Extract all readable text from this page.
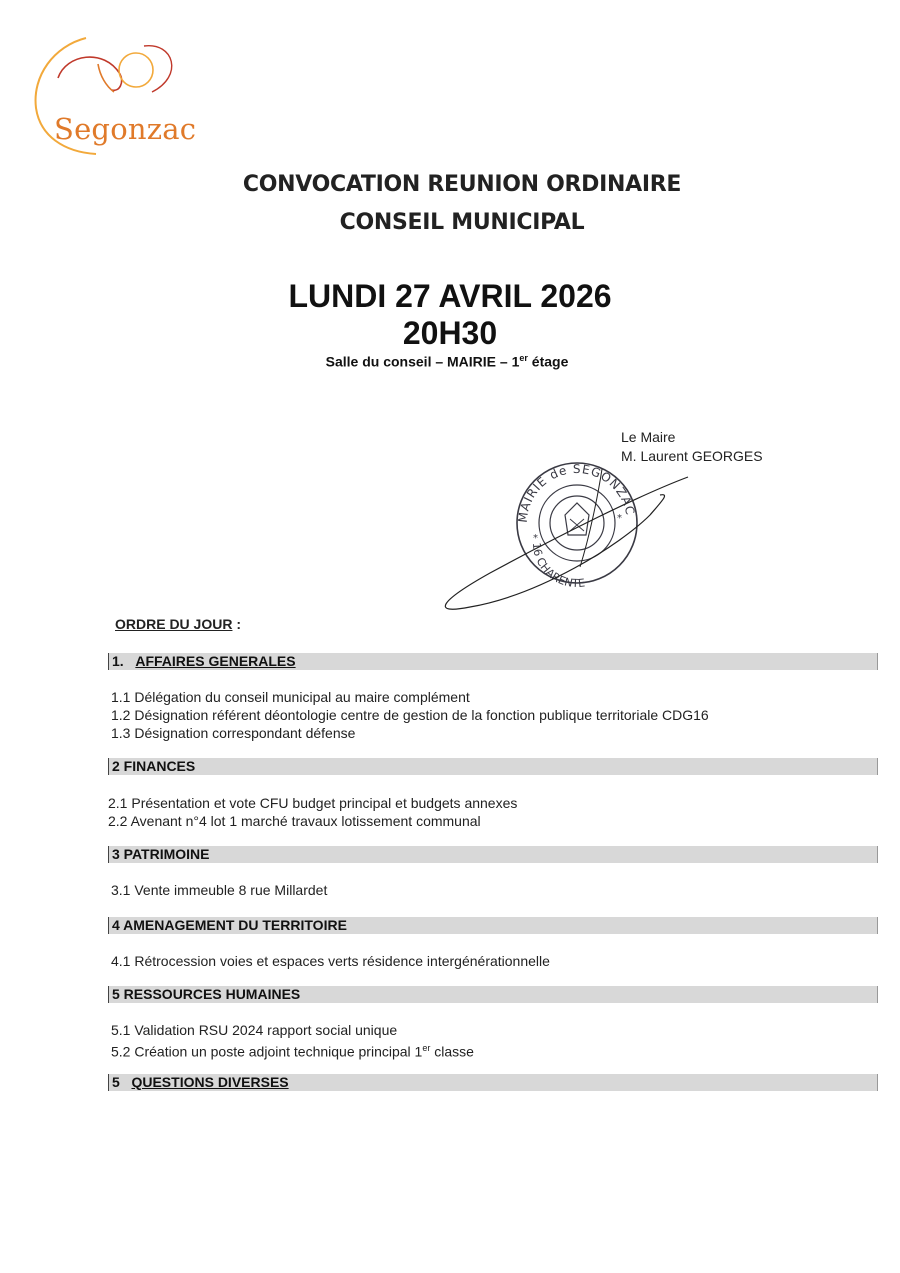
Segonzac
CONVOCATION REUNION ORDINAIRE
CONSEIL MUNICIPAL
LUNDI 27 AVRIL 2026
20H30
Salle du conseil – MAIRIE – 1er étage
Le Maire
M. Laurent GEORGES
MAIRIE de SEGONZAC
16 CHARENTE
*
*
ORDRE DU JOUR :
1. AFFAIRES GENERALES
1.1 Délégation du conseil municipal au maire complément
1.2 Désignation référent déontologie centre de gestion de la fonction publique territoriale CDG16
1.3 Désignation correspondant défense
2 FINANCES
2.1 Présentation et vote CFU budget principal et budgets annexes
2.2 Avenant n°4 lot 1 marché travaux lotissement communal
3 PATRIMOINE
3.1 Vente immeuble 8 rue Millardet
4 AMENAGEMENT DU TERRITOIRE
4.1 Rétrocession voies et espaces verts résidence intergénérationnelle
5 RESSOURCES HUMAINES
5.1 Validation RSU 2024 rapport social unique
5.2 Création un poste adjoint technique principal 1er classe
5 QUESTIONS DIVERSES
